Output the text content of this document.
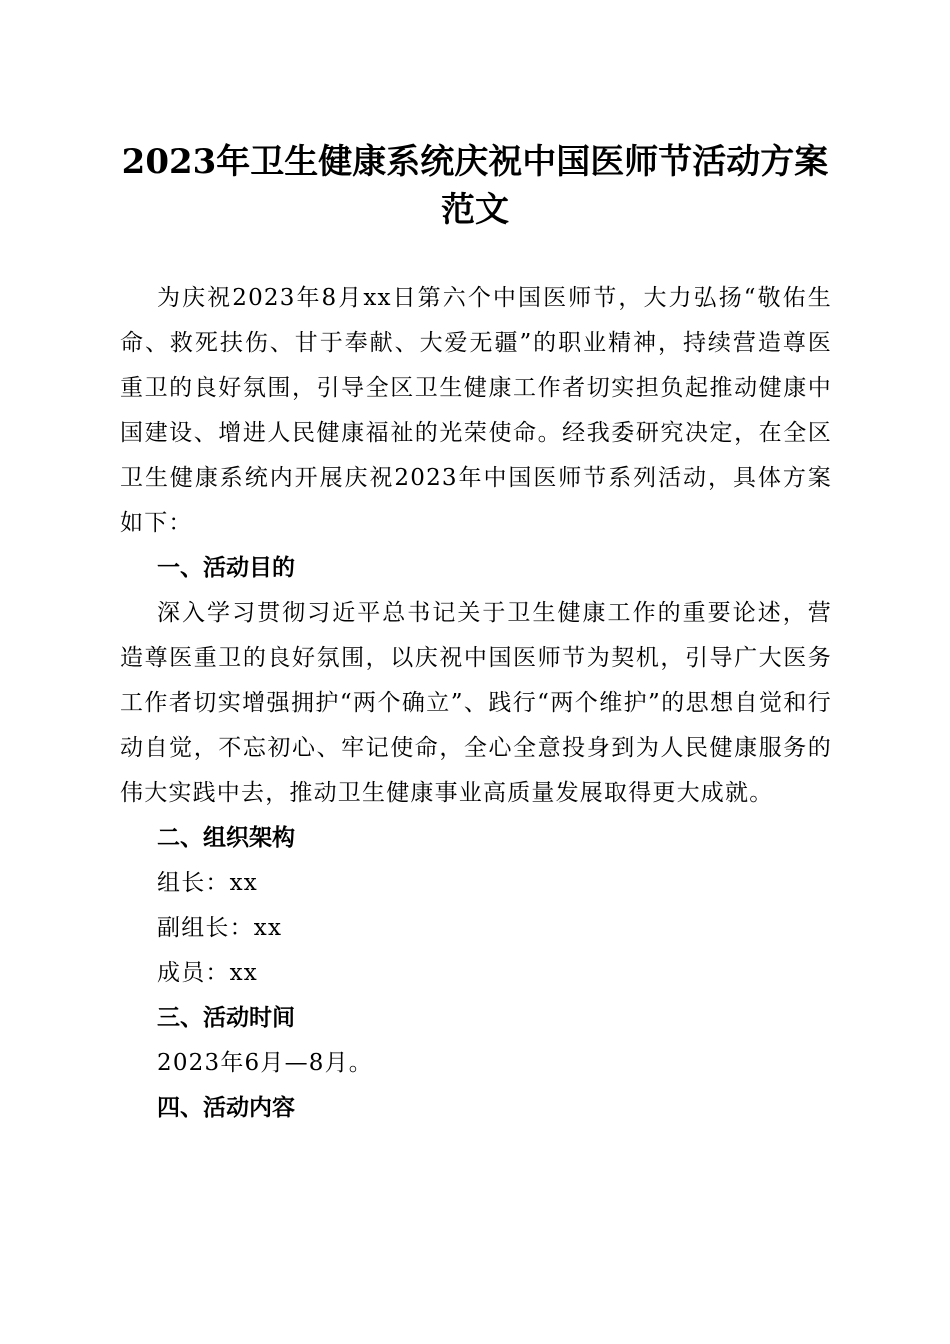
2023年卫生健康系统庆祝中国医师节活动方案范文

为庆祝2023年8月xx日第六个中国医师节，大力弘扬“敬佑生命、救死扶伤、甘于奉献、大爱无疆”的职业精神，持续营造尊医重卫的良好氛围，引导全区卫生健康工作者切实担负起推动健康中国建设、增进人民健康福祉的光荣使命。经我委研究决定，在全区卫生健康系统内开展庆祝2023年中国医师节系列活动，具体方案如下：

一、活动目的

深入学习贯彻习近平总书记关于卫生健康工作的重要论述，营造尊医重卫的良好氛围，以庆祝中国医师节为契机，引导广大医务工作者切实增强拥护“两个确立”、践行“两个维护”的思想自觉和行动自觉，不忘初心、牢记使命，全心全意投身到为人民健康服务的伟大实践中去，推动卫生健康事业高质量发展取得更大成就。

二、组织架构

组长：xx

副组长：xx

成员：xx

三、活动时间

2023年6月—8月。

四、活动内容
